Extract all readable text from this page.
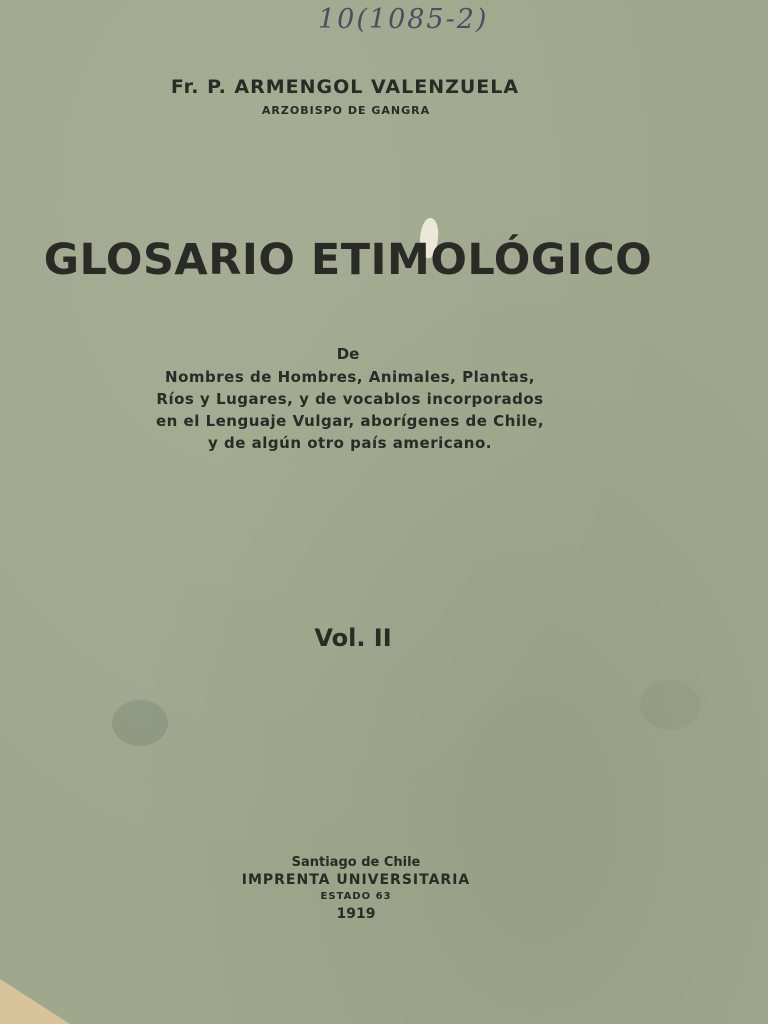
10(1085-2)
Fr. P. ARMENGOL VALENZUELA
ARZOBISPO DE GANGRA
GLOSARIO ETIMOLÓGICO
De
Nombres de Hombres, Animales, Plantas,
Ríos y Lugares, y de vocablos incorporados
en el Lenguaje Vulgar, aborígenes de Chile,
y de algún otro país americano.
Vol. II
Santiago de Chile
IMPRENTA UNIVERSITARIA
ESTADO 63
1919
